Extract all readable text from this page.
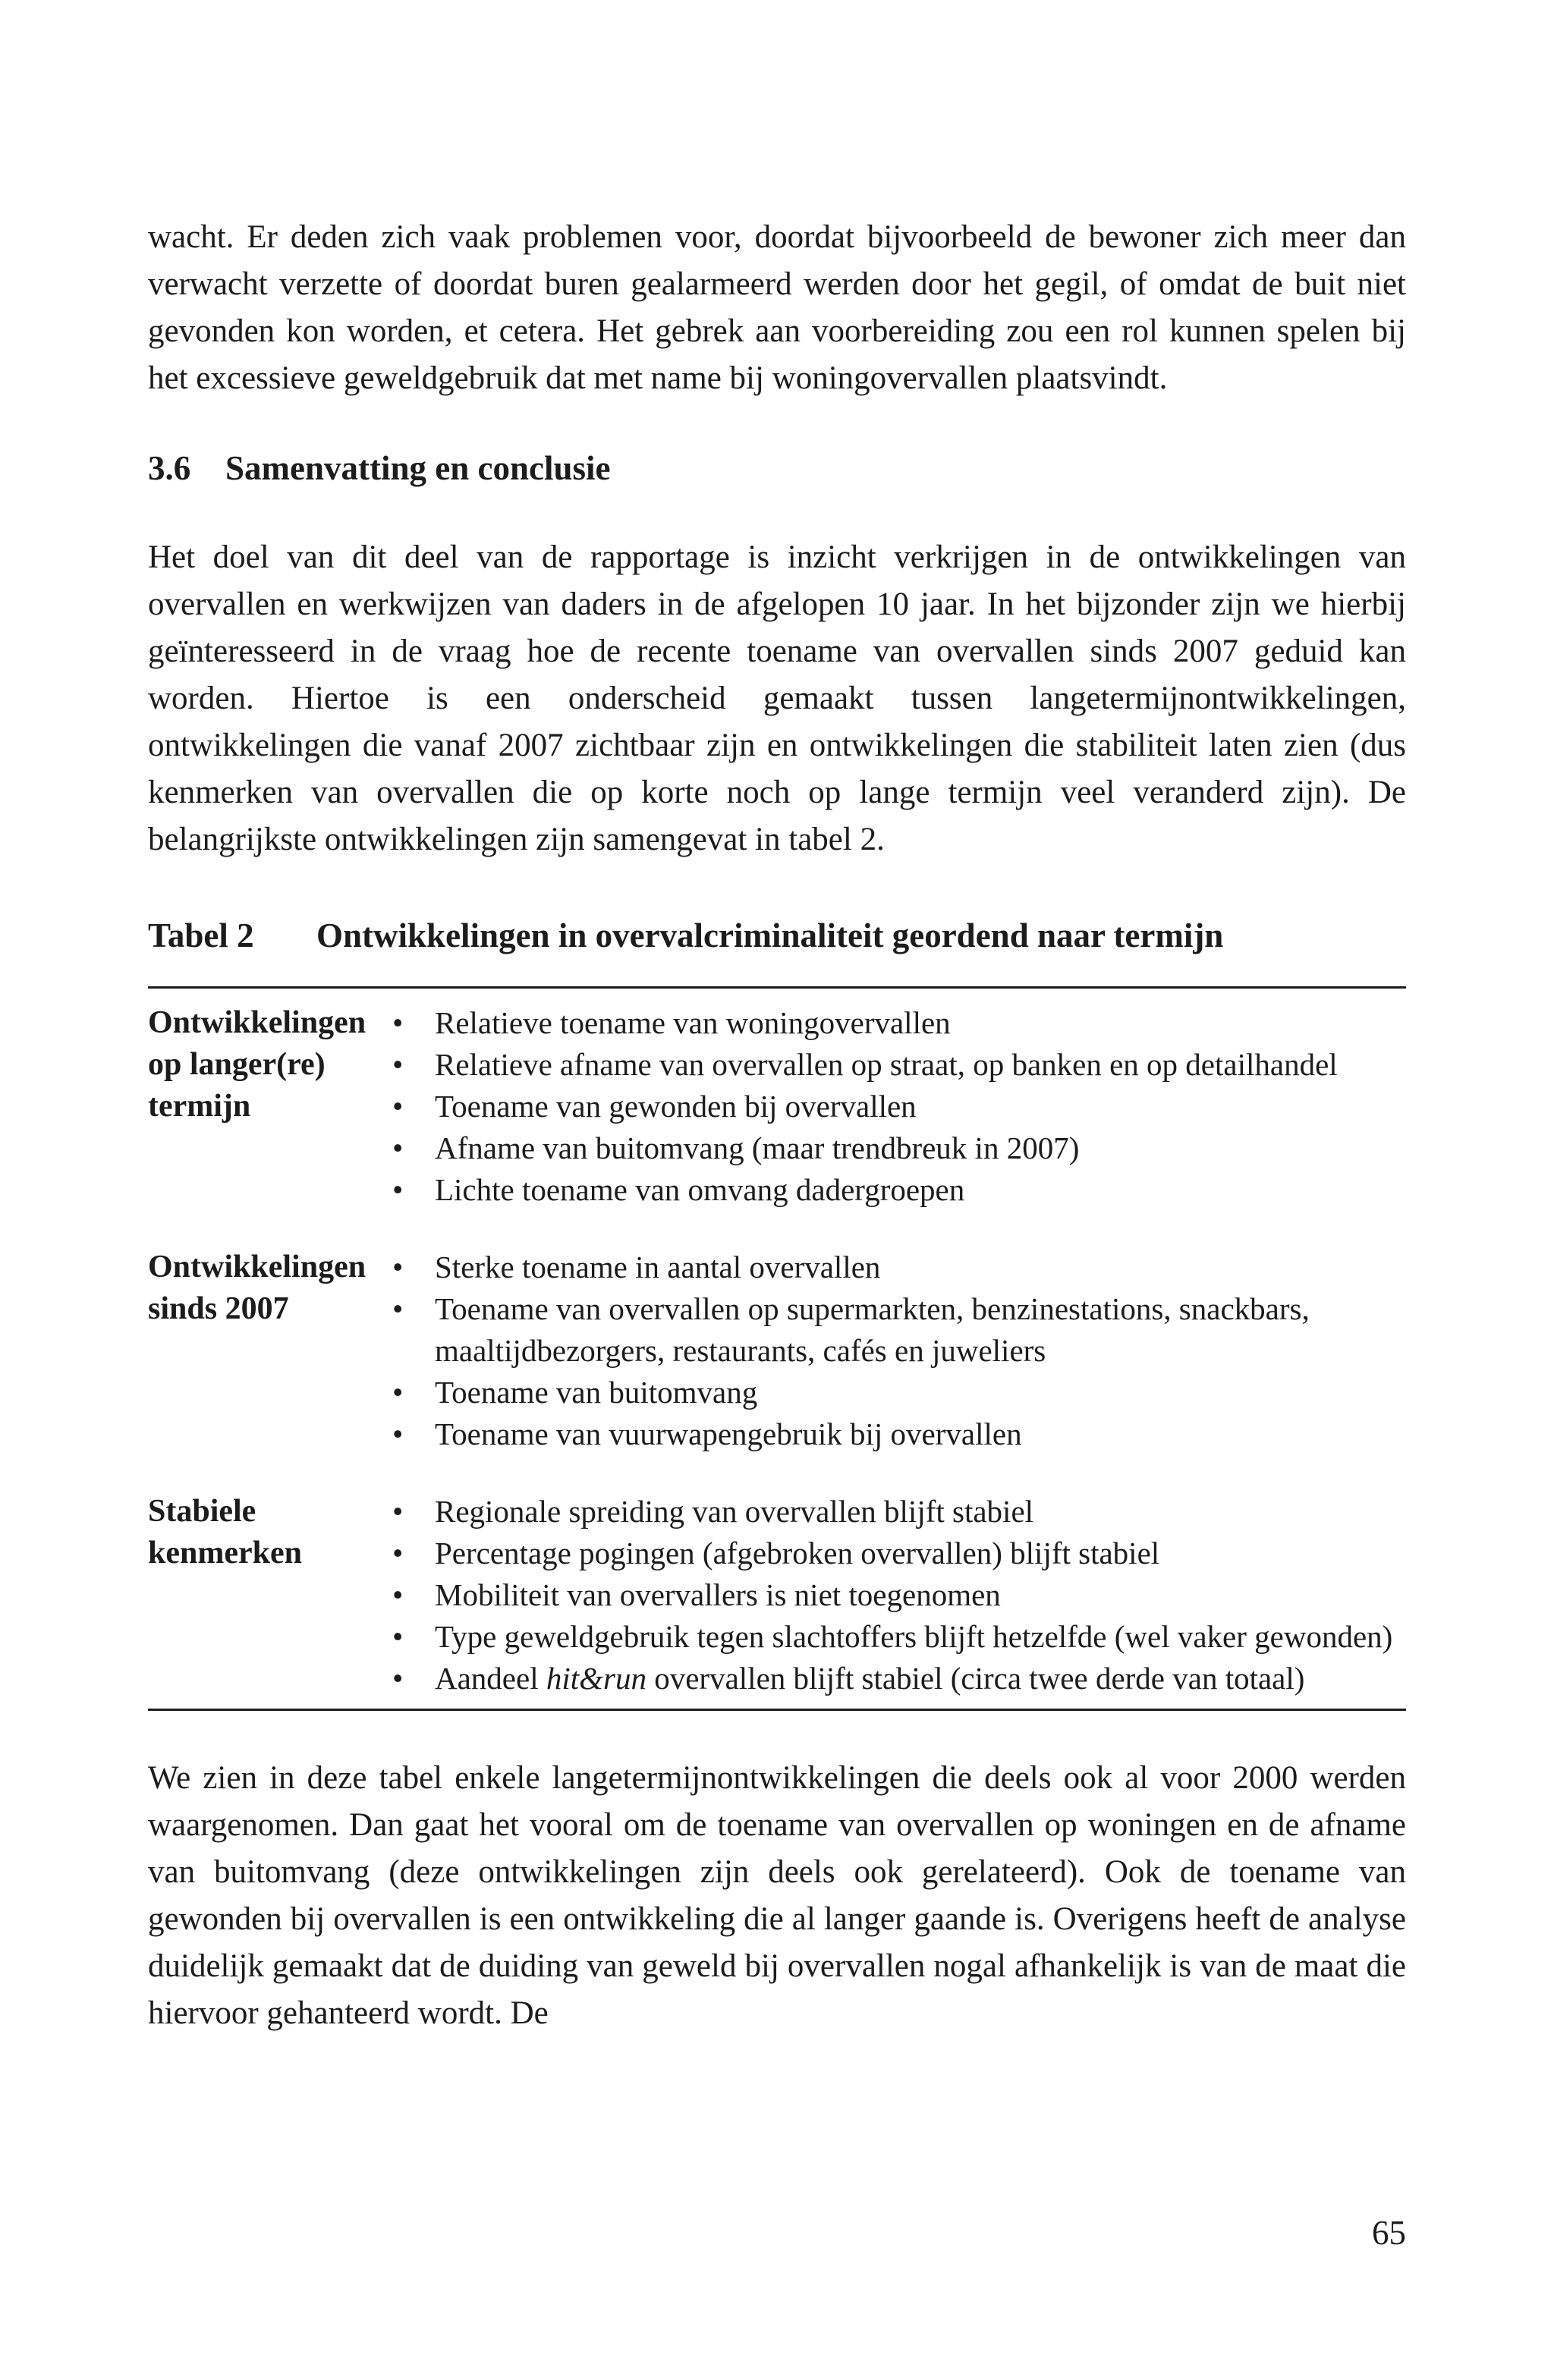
wacht. Er deden zich vaak problemen voor, doordat bijvoorbeeld de bewoner zich meer dan verwacht verzette of doordat buren gealarmeerd werden door het gegil, of omdat de buit niet gevonden kon worden, et cetera. Het gebrek aan voorbereiding zou een rol kunnen spelen bij het excessieve geweldgebruik dat met name bij woningovervallen plaatsvindt.

3.6 Samenvatting en conclusie

Het doel van dit deel van de rapportage is inzicht verkrijgen in de ontwikkelingen van overvallen en werkwijzen van daders in de afgelopen 10 jaar. In het bijzonder zijn we hierbij geïnteresseerd in de vraag hoe de recente toename van overvallen sinds 2007 geduid kan worden. Hiertoe is een onderscheid gemaakt tussen langetermijnontwikkelingen, ontwikkelingen die vanaf 2007 zichtbaar zijn en ontwikkelingen die stabiliteit laten zien (dus kenmerken van overvallen die op korte noch op lange termijn veel veranderd zijn). De belangrijkste ontwikkelingen zijn samengevat in tabel 2.

Tabel 2	Ontwikkelingen in overvalcriminaliteit geordend naar termijn
Ontwikkelingen
op langer(re)
termijn
• Relatieve toename van woningovervallen
• Relatieve afname van overvallen op straat, op banken en op detailhandel
• Toename van gewonden bij overvallen
• Afname van buitomvang (maar trendbreuk in 2007)
• Lichte toename van omvang dadergroepen
Ontwikkelingen
sinds 2007
• Sterke toename in aantal overvallen
• Toename van overvallen op supermarkten, benzinestations, snackbars, maaltijdbezorgers, restaurants, cafés en juweliers
• Toename van buitomvang
• Toename van vuurwapengebruik bij overvallen
Stabiele
kenmerken
• Regionale spreiding van overvallen blijft stabiel
• Percentage pogingen (afgebroken overvallen) blijft stabiel
• Mobiliteit van overvallers is niet toegenomen
• Type geweldgebruik tegen slachtoffers blijft hetzelfde (wel vaker gewonden)
• Aandeel hit&run overvallen blijft stabiel (circa twee derde van totaal)

We zien in deze tabel enkele langetermijnontwikkelingen die deels ook al voor 2000 werden waargenomen. Dan gaat het vooral om de toename van overvallen op woningen en de afname van buitomvang (deze ontwikkelingen zijn deels ook gerelateerd). Ook de toename van gewonden bij overvallen is een ontwikkeling die al langer gaande is. Overigens heeft de analyse duidelijk gemaakt dat de duiding van geweld bij overvallen nogal afhankelijk is van de maat die hiervoor gehanteerd wordt. De

65
